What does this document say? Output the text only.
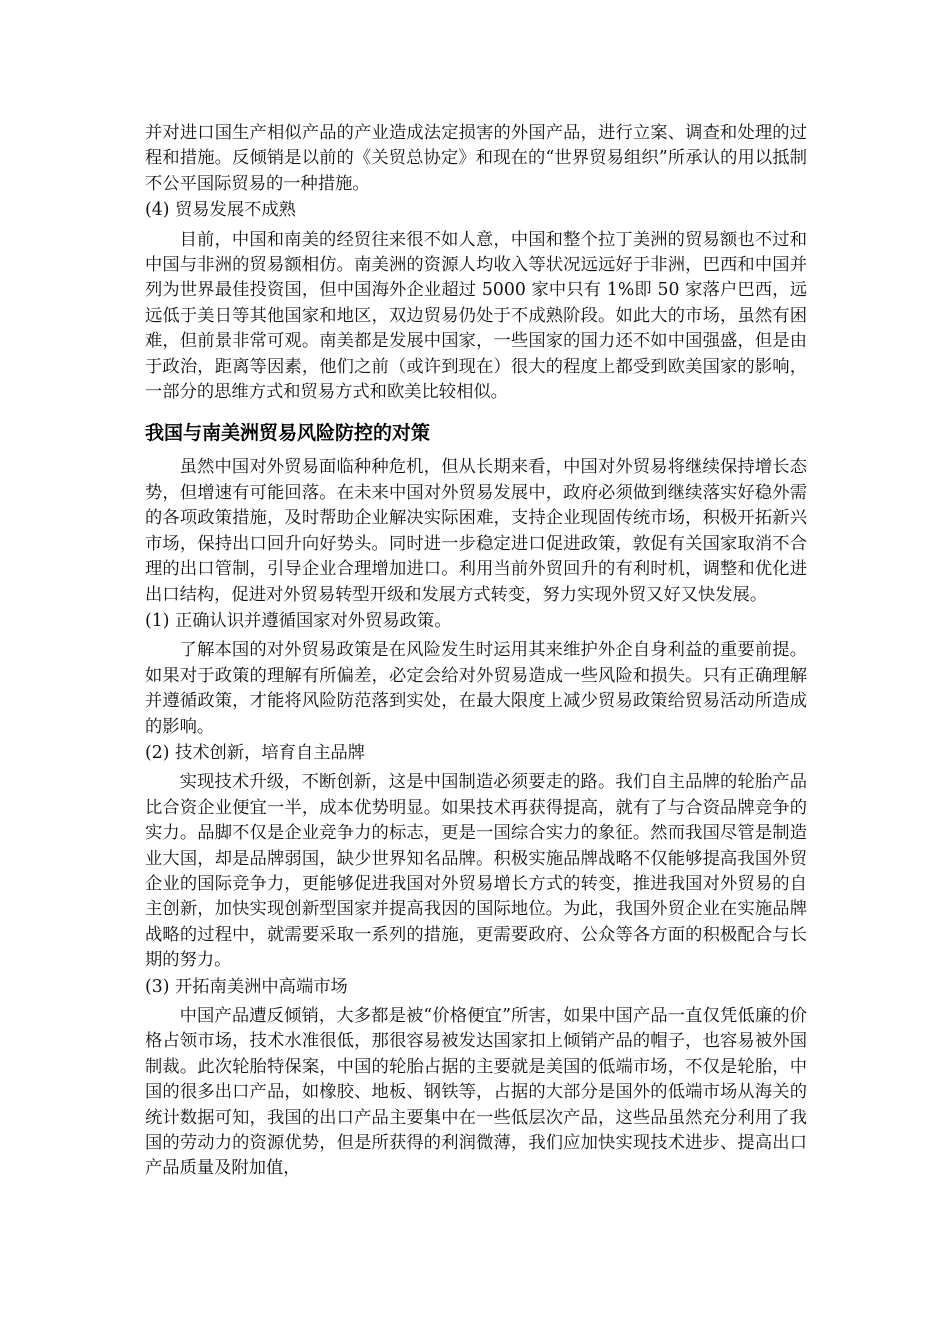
并对进口国生产相似产品的产业造成法定损害的外国产品，进行立案、调查和处理的过程和措施。反倾销是以前的《关贸总协定》和现在的“世界贸易组织”所承认的用以抵制不公平国际贸易的一种措施。

(4) 贸易发展不成熟

目前，中国和南美的经贸往来很不如人意，中国和整个拉丁美洲的贸易额也不过和中国与非洲的贸易额相仿。南美洲的资源人均收入等状况远远好于非洲，巴西和中国并列为世界最佳投资国，但中国海外企业超过 5000 家中只有 1%即 50 家落户巴西，远远低于美日等其他国家和地区，双边贸易仍处于不成熟阶段。如此大的市场，虽然有困难，但前景非常可观。南美都是发展中国家，一些国家的国力还不如中国强盛，但是由于政治，距离等因素，他们之前（或许到现在）很大的程度上都受到欧美国家的影响，一部分的思维方式和贸易方式和欧美比较相似。

我国与南美洲贸易风险防控的对策

虽然中国对外贸易面临种种危机，但从长期来看，中国对外贸易将继续保持增长态势，但增速有可能回落。在未来中国对外贸易发展中，政府必须做到继续落实好稳外需的各项政策措施，及时帮助企业解决实际困难，支持企业现固传统市场，积极开拓新兴市场，保持出口回升向好势头。同时进一步稳定进口促进政策，敦促有关国家取消不合理的出口管制，引导企业合理增加进口。利用当前外贸回升的有利时机，调整和优化进出口结构，促进对外贸易转型开级和发展方式转变，努力实现外贸又好又快发展。

(1) 正确认识并遵循国家对外贸易政策。

了解本国的对外贸易政策是在风险发生时运用其来维护外企自身利益的重要前提。如果对于政策的理解有所偏差，必定会给对外贸易造成一些风险和损失。只有正确理解并遵循政策，才能将风险防范落到实处，在最大限度上减少贸易政策给贸易活动所造成的影响。

(2) 技术创新，培育自主品牌

实现技术升级，不断创新，这是中国制造必须要走的路。我们自主品牌的轮胎产品比合资企业便宜一半，成本优势明显。如果技术再获得提高，就有了与合资品牌竞争的实力。品脚不仅是企业竞争力的标志，更是一国综合实力的象征。然而我国尽管是制造业大国，却是品牌弱国，缺少世界知名品牌。积极实施品牌战略不仅能够提高我国外贸企业的国际竞争力，更能够促进我国对外贸易增长方式的转变，推进我国对外贸易的自主创新，加快实现创新型国家并提高我因的国际地位。为此，我国外贸企业在实施品牌战略的过程中，就需要采取一系列的措施，更需要政府、公众等各方面的积极配合与长期的努力。

(3) 开拓南美洲中高端市场

中国产品遭反倾销，大多都是被“价格便宜”所害，如果中国产品一直仅凭低廉的价格占领市场，技术水准很低，那很容易被发达国家扣上倾销产品的帽子，也容易被外国制裁。此次轮胎特保案，中国的轮胎占据的主要就是美国的低端市场，不仅是轮胎，中国的很多出口产品，如橡胶、地板、钢铁等，占据的大部分是国外的低端市场从海关的统计数据可知，我国的出口产品主要集中在一些低层次产品，这些品虽然充分利用了我国的劳动力的资源优势，但是所获得的利润微薄，我们应加快实现技术进步、提高出口产品质量及附加值，
